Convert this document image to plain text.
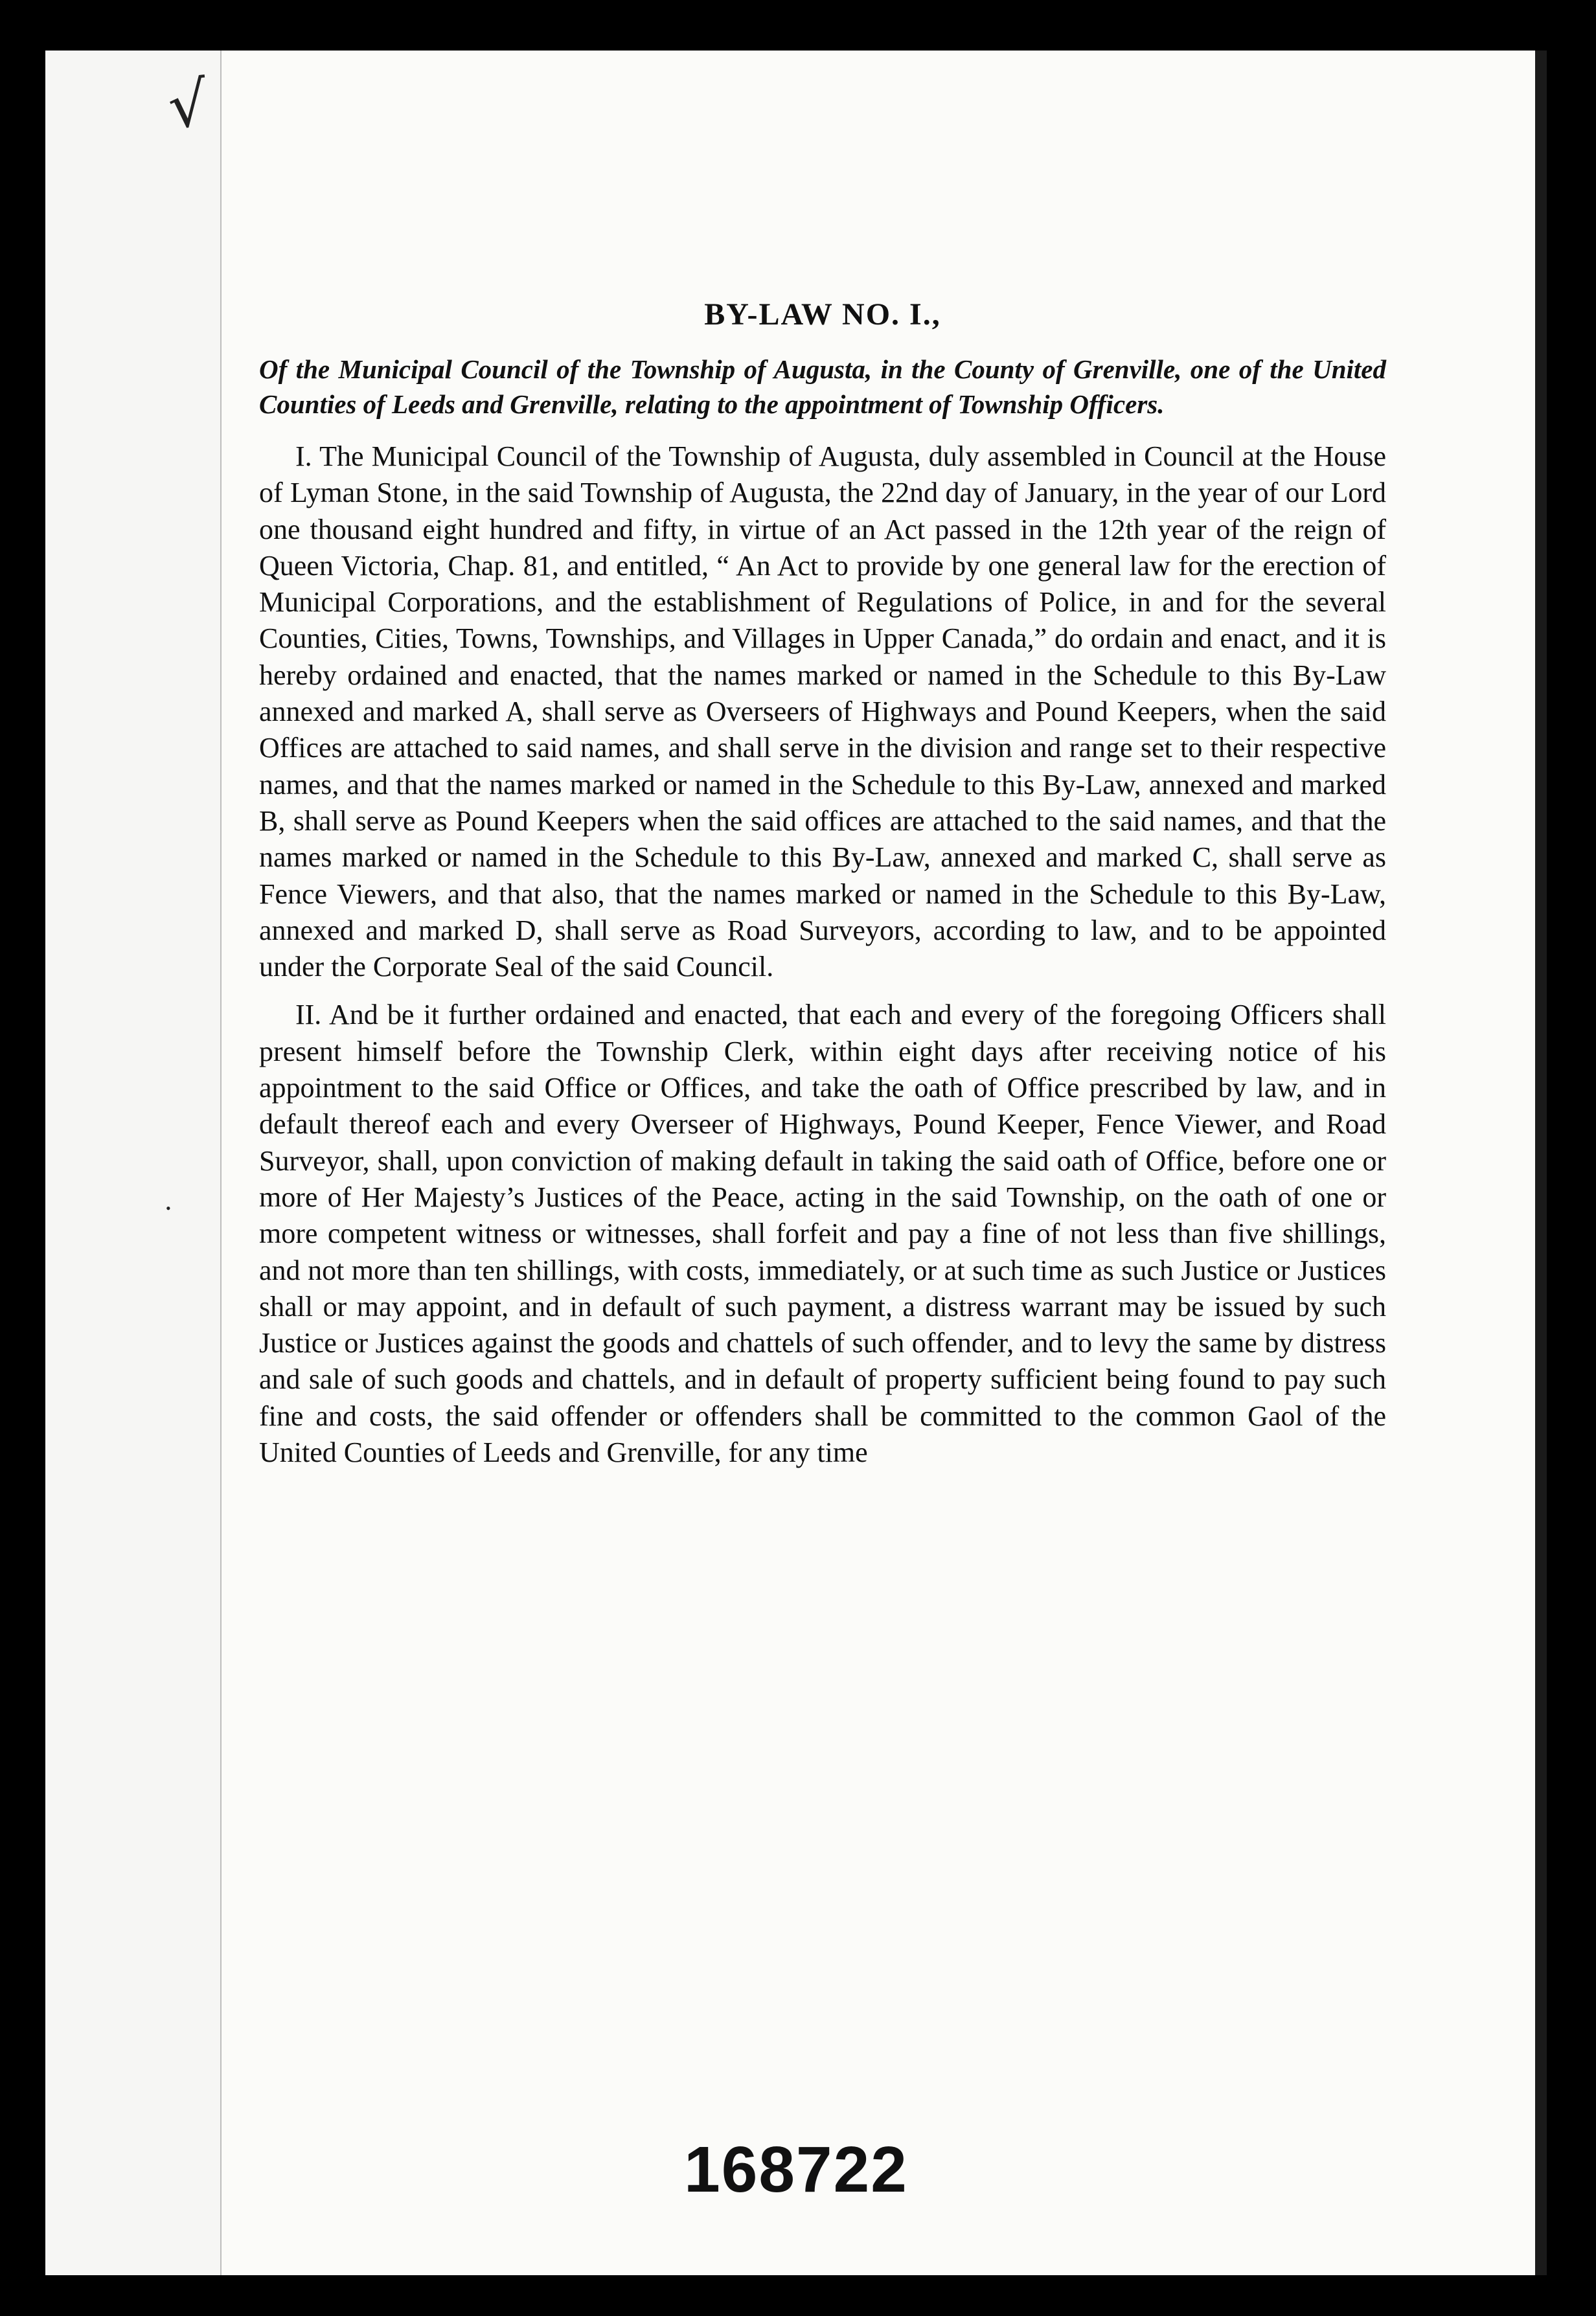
√
•
BY-LAW NO. I.,
Of the Municipal Council of the Township of Augusta, in the County of Grenville, one of the United Counties of Leeds and Grenville, relating to the appointment of Township Officers.

I. The Municipal Council of the Township of Augusta, duly assembled in Council at the House of Lyman Stone, in the said Township of Augusta, the 22nd day of January, in the year of our Lord one thousand eight hundred and fifty, in virtue of an Act passed in the 12th year of the reign of Queen Victoria, Chap. 81, and entitled, “ An Act to provide by one general law for the erection of Municipal Corporations, and the establishment of Regulations of Police, in and for the several Counties, Cities, Towns, Townships, and Villages in Upper Canada,” do ordain and enact, and it is hereby ordained and enacted, that the names marked or named in the Schedule to this By-Law annexed and marked A, shall serve as Overseers of Highways and Pound Keepers, when the said Offices are attached to said names, and shall serve in the division and range set to their respective names, and that the names marked or named in the Schedule to this By-Law, annexed and marked B, shall serve as Pound Keepers when the said offices are attached to the said names, and that the names marked or named in the Schedule to this By-Law, annexed and marked C, shall serve as Fence Viewers, and that also, that the names marked or named in the Schedule to this By-Law, annexed and marked D, shall serve as Road Surveyors, according to law, and to be appointed under the Corporate Seal of the said Council.

II. And be it further ordained and enacted, that each and every of the foregoing Officers shall present himself before the Township Clerk, within eight days after receiving notice of his appointment to the said Office or Offices, and take the oath of Office prescribed by law, and in default thereof each and every Overseer of Highways, Pound Keeper, Fence Viewer, and Road Surveyor, shall, upon conviction of making default in taking the said oath of Office, before one or more of Her Majesty’s Justices of the Peace, acting in the said Township, on the oath of one or more competent witness or witnesses, shall forfeit and pay a fine of not less than five shillings, and not more than ten shillings, with costs, immediately, or at such time as such Justice or Justices shall or may appoint, and in default of such payment, a distress warrant may be issued by such Justice or Justices against the goods and chattels of such offender, and to levy the same by distress and sale of such goods and chattels, and in default of property sufficient being found to pay such fine and costs, the said offender or offenders shall be committed to the common Gaol of the United Counties of Leeds and Grenville, for any time

168722
